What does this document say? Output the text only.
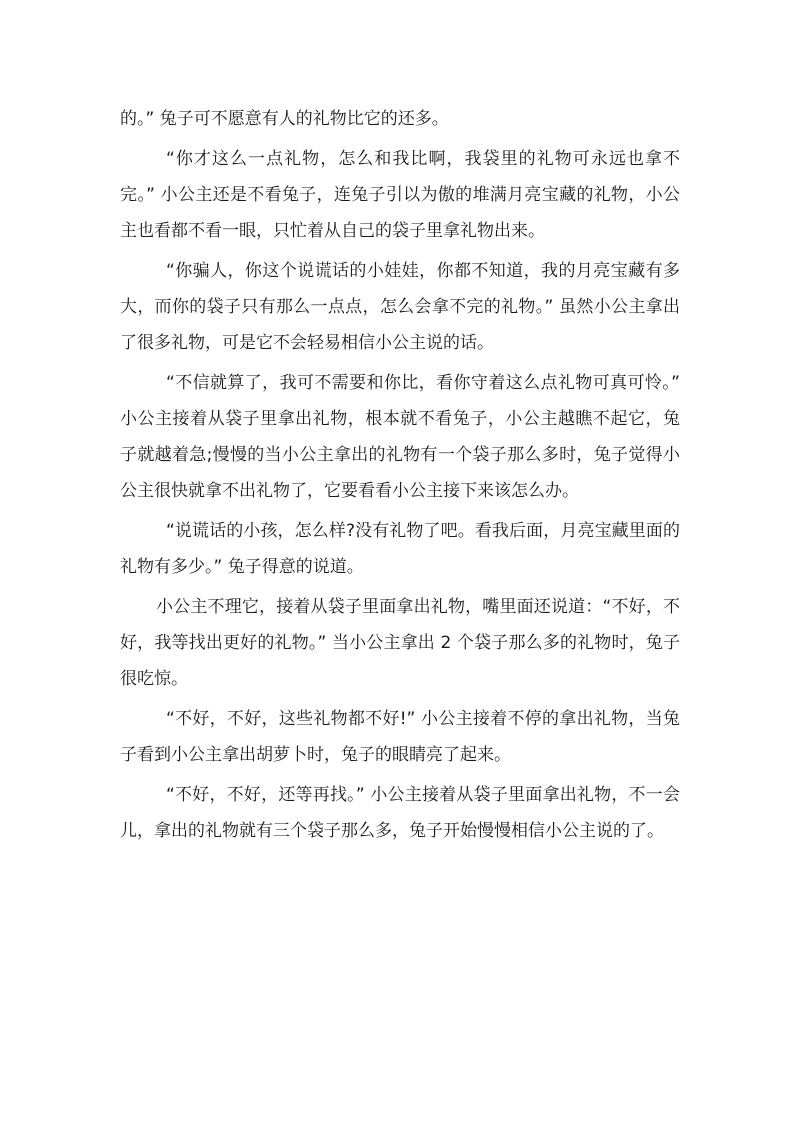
的。” 兔子可不愿意有人的礼物比它的还多。

“你才这么一点礼物，怎么和我比啊，我袋里的礼物可永远也拿不完。” 小公主还是不看兔子，连兔子引以为傲的堆满月亮宝藏的礼物，小公主也看都不看一眼，只忙着从自己的袋子里拿礼物出来。

“你骗人，你这个说谎话的小娃娃，你都不知道，我的月亮宝藏有多大，而你的袋子只有那么一点点，怎么会拿不完的礼物。” 虽然小公主拿出了很多礼物，可是它不会轻易相信小公主说的话。

“不信就算了，我可不需要和你比，看你守着这么点礼物可真可怜。” 小公主接着从袋子里拿出礼物，根本就不看兔子，小公主越瞧不起它，兔子就越着急;慢慢的当小公主拿出的礼物有一个袋子那么多时，兔子觉得小公主很快就拿不出礼物了，它要看看小公主接下来该怎么办。

“说谎话的小孩，怎么样?没有礼物了吧。看我后面，月亮宝藏里面的礼物有多少。” 兔子得意的说道。

小公主不理它，接着从袋子里面拿出礼物，嘴里面还说道：“不好，不好，我等找出更好的礼物。” 当小公主拿出 2 个袋子那么多的礼物时，兔子很吃惊。

“不好，不好，这些礼物都不好!” 小公主接着不停的拿出礼物，当兔子看到小公主拿出胡萝卜时，兔子的眼睛亮了起来。

“不好，不好，还等再找。” 小公主接着从袋子里面拿出礼物，不一会儿，拿出的礼物就有三个袋子那么多，兔子开始慢慢相信小公主说的了。
